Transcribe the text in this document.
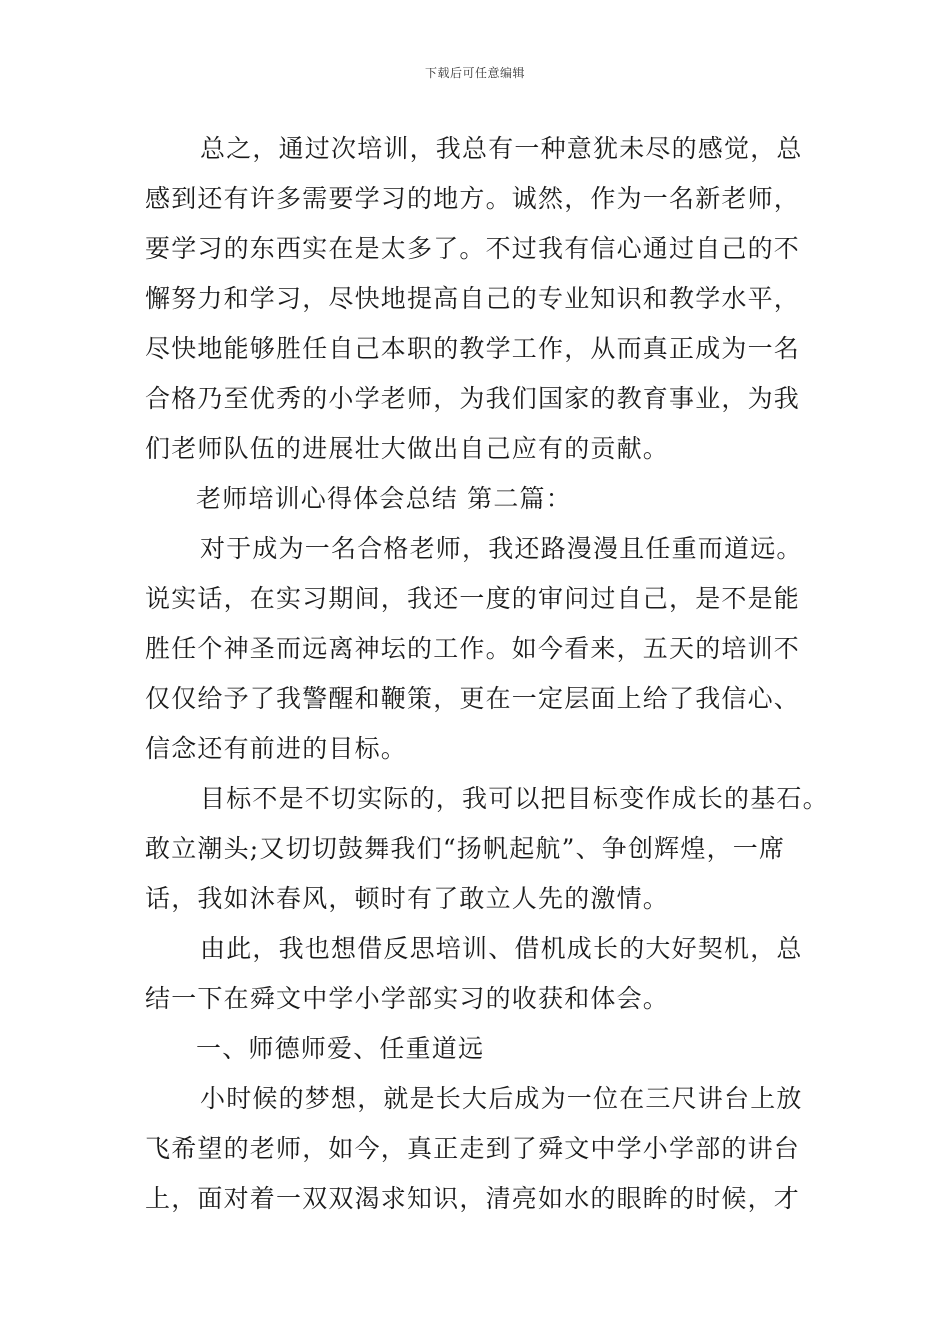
下载后可任意编辑
总之，通过次培训，我总有一种意犹未尽的感觉，总
感到还有许多需要学习的地方。诚然，作为一名新老师，
要学习的东西实在是太多了。不过我有信心通过自己的不
懈努力和学习，尽快地提高自己的专业知识和教学水平，
尽快地能够胜任自己本职的教学工作，从而真正成为一名
合格乃至优秀的小学老师，为我们国家的教育事业，为我
们老师队伍的进展壮大做出自己应有的贡献。
老师培训心得体会总结 第二篇：
对于成为一名合格老师，我还路漫漫且任重而道远。
说实话，在实习期间，我还一度的审问过自己，是不是能
胜任个神圣而远离神坛的工作。如今看来，五天的培训不
仅仅给予了我警醒和鞭策，更在一定层面上给了我信心、
信念还有前进的目标。
目标不是不切实际的，我可以把目标变作成长的基石。
敢立潮头;又切切鼓舞我们“扬帆起航”、争创辉煌，一席
话，我如沐春风，顿时有了敢立人先的激情。
由此，我也想借反思培训、借机成长的大好契机，总
结一下在舜文中学小学部实习的收获和体会。
一、师德师爱、任重道远
小时候的梦想，就是长大后成为一位在三尺讲台上放
飞希望的老师，如今，真正走到了舜文中学小学部的讲台
上，面对着一双双渴求知识，清亮如水的眼眸的时候，才
